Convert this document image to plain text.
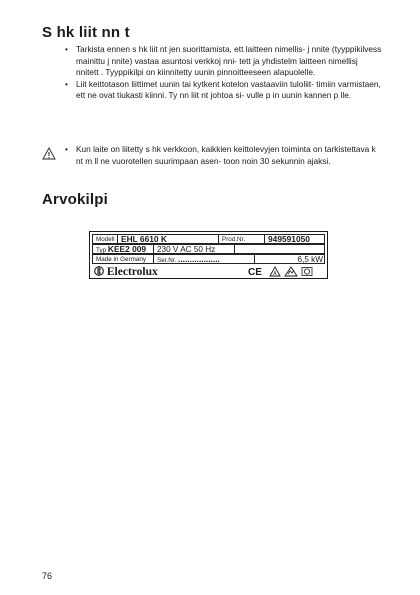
S hk liit nn t
• Tarkista ennen s hk liit nt jen suorittamista, ett laitteen nimellis- j nnite (tyyppikilvess mainittu j nnite) vastaa asuntosi verkkoj nni- tett ja yhdistelm laitteen nimellisj nnitett . Tyyppikilpi on kiinnitetty uunin pinnoitteeseen alapuolelle.
• Liit keittotason liittimet uunin tai kytkent kotelon vastaaviin tuloliit- timiin varmistaen, ett ne ovat tiukasti kiinni. Ty nn liit nt johtoa si- vulle p in uunin kannen p lle.
• Kun laite on liitetty s hk verkkoon, kaikkien keittolevyjen toiminta on tarkistettava k nt m ll ne vuorotellen suurimpaan asen- toon noin 30 sekunnin ajaksi.
Arvokilpi
Modell EHL 6610 K	Prod.Nr.	949591050
Typ KEE2 009	230 V AC 50 Hz
Made in Germany	Ser.Nr. ..................	6,5 kW
Electrolux	CE A
76
